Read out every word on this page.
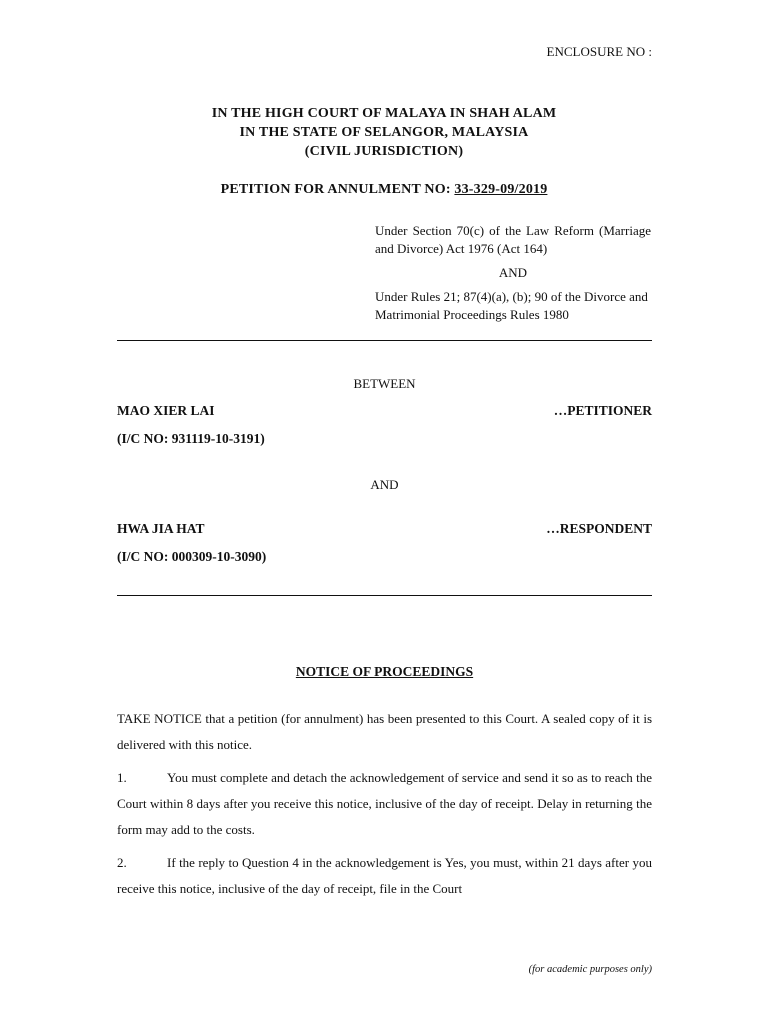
ENCLOSURE NO :
IN THE HIGH COURT OF MALAYA IN SHAH ALAM
IN THE STATE OF SELANGOR, MALAYSIA
(CIVIL JURISDICTION)
PETITION FOR ANNULMENT NO: 33-329-09/2019
Under Section 70(c) of the Law Reform (Marriage and Divorce) Act 1976 (Act 164)
AND
Under Rules 21; 87(4)(a), (b); 90 of the Divorce and Matrimonial Proceedings Rules 1980
BETWEEN
MAO XIER LAI	…PETITIONER
(I/C NO: 931119-10-3191)
AND
HWA JIA HAT	…RESPONDENT
(I/C NO: 000309-10-3090)
NOTICE OF PROCEEDINGS
TAKE NOTICE that a petition (for annulment) has been presented to this Court. A sealed copy of it is delivered with this notice.
1.	You must complete and detach the acknowledgement of service and send it so as to reach the Court within 8 days after you receive this notice, inclusive of the day of receipt. Delay in returning the form may add to the costs.
2.	If the reply to Question 4 in the acknowledgement is Yes, you must, within 21 days after you receive this notice, inclusive of the day of receipt, file in the Court
(for academic purposes only)
